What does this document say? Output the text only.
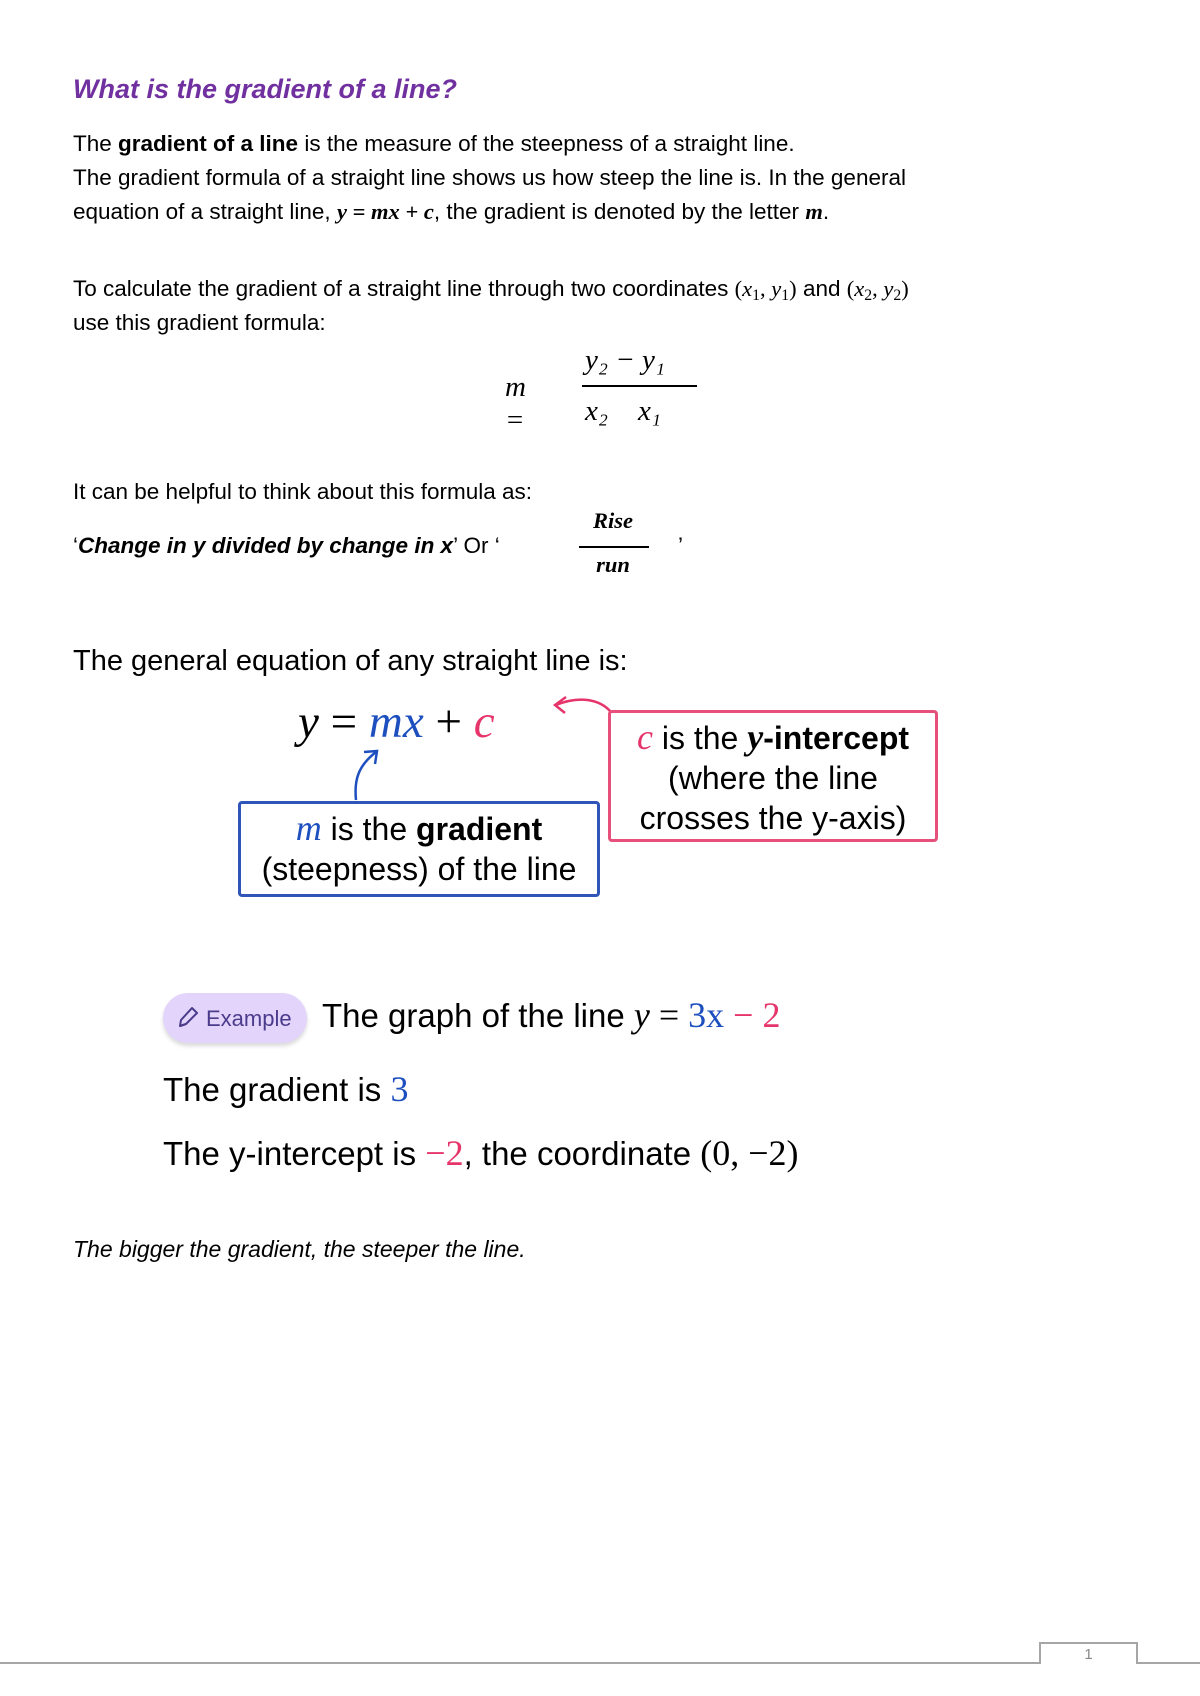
What is the gradient of a line?
The gradient of a line is the measure of the steepness of a straight line.
The gradient formula of a straight line shows us how steep the line is. In the general
equation of a straight line, y = mx + c, the gradient is denoted by the letter m.
To calculate the gradient of a straight line through two coordinates ($x_1$, $y_1$) and ($x_2$, $y_2$)
use this gradient formula:
m =
y₂ − y₁
x₂ x₁
It can be helpful to think about this formula as:
‘Change in y divided by change in x’ Or ‘
Rise
run
’
The general equation of any straight line is:
y = mx + c
m is the gradient
(steepness) of the line
c is the y-intercept
(where the line
crosses the y-axis)
Example The graph of the line y = 3x − 2
The gradient is 3
The y-intercept is −2, the coordinate (0, −2)
The bigger the gradient, the steeper the line.
1
